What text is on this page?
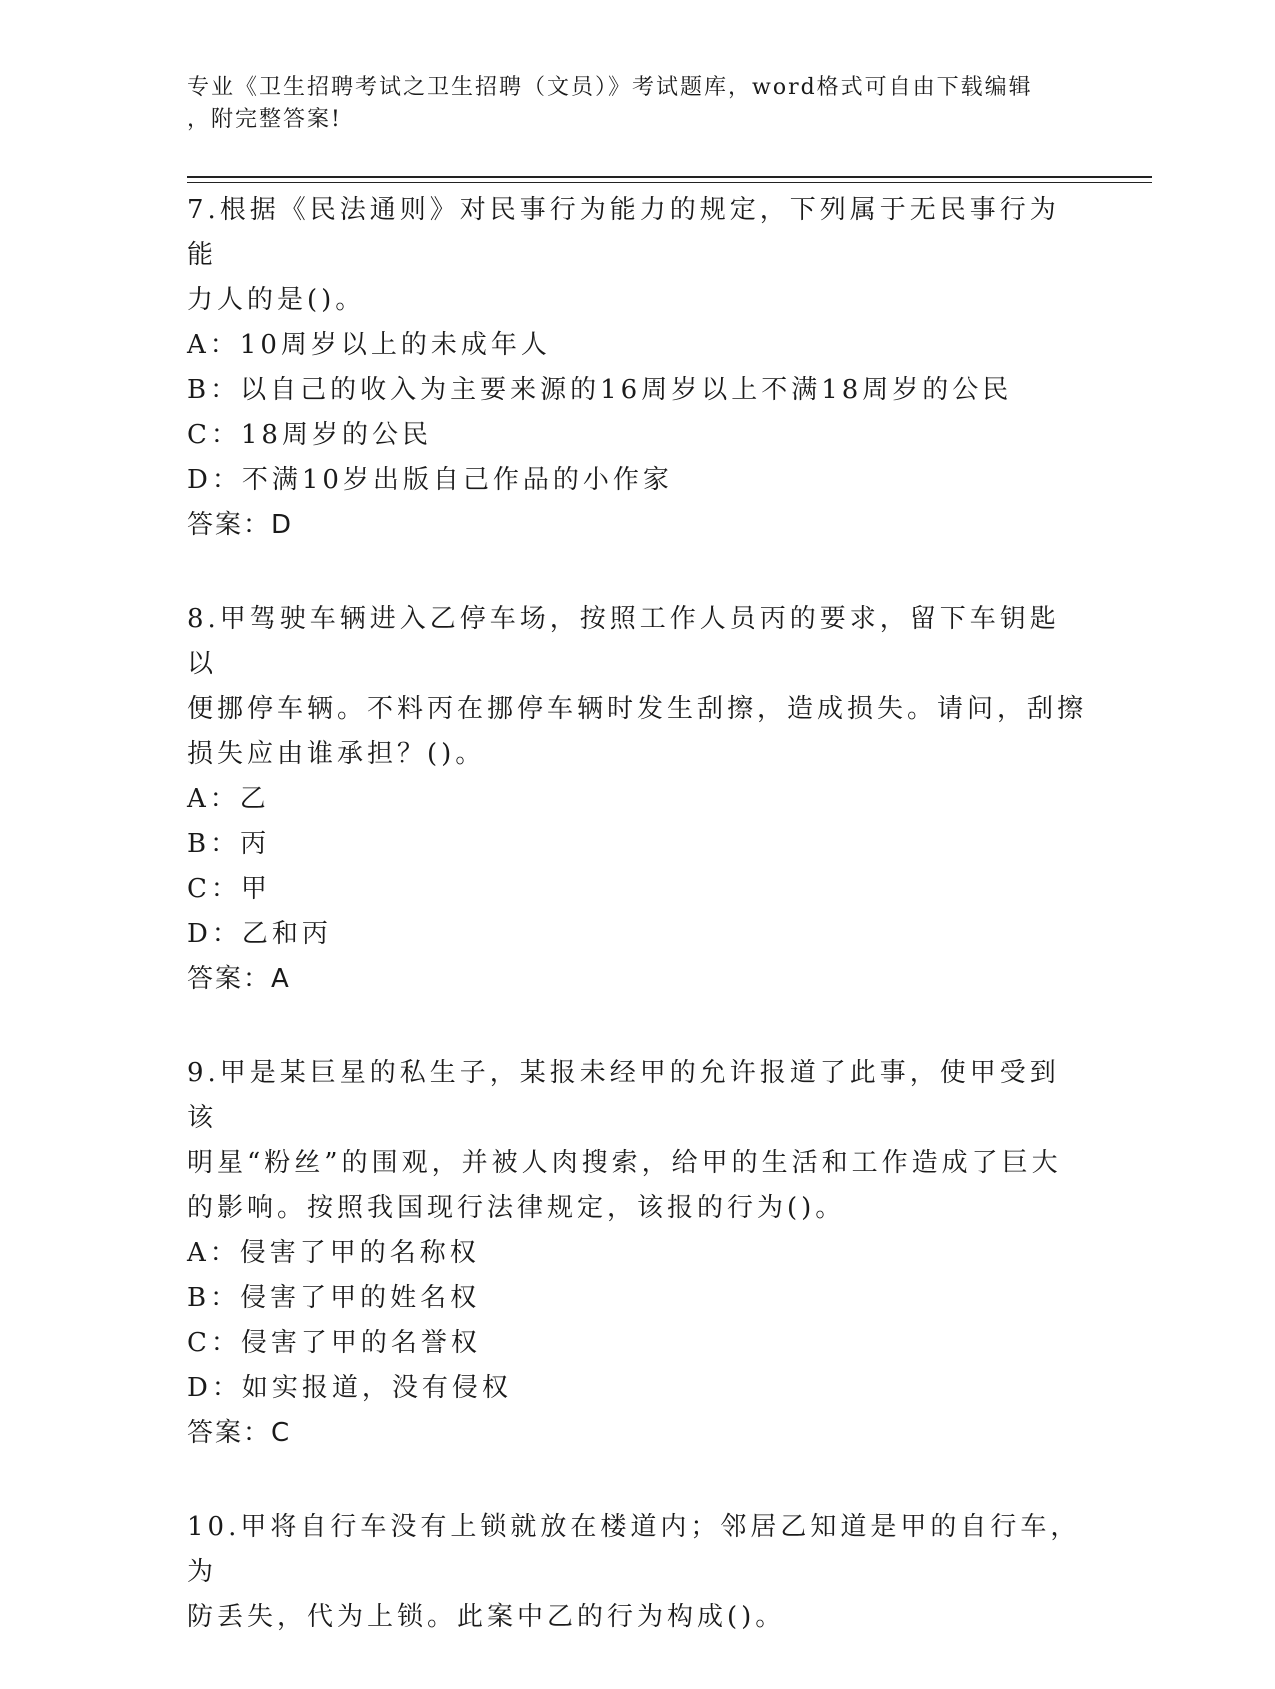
专业《卫生招聘考试之卫生招聘（文员）》考试题库，word格式可自由下载编辑
，附完整答案!
7.根据《民法通则》对民事行为能力的规定，下列属于无民事行为能
力人的是()。
A：10周岁以上的未成年人
B：以自己的收入为主要来源的16周岁以上不满18周岁的公民
C：18周岁的公民
D：不满10岁出版自己作品的小作家
答案：D
8.甲驾驶车辆进入乙停车场，按照工作人员丙的要求，留下车钥匙以
便挪停车辆。不料丙在挪停车辆时发生刮擦，造成损失。请问，刮擦
损失应由谁承担？()。
A：乙
B：丙
C：甲
D：乙和丙
答案：A
9.甲是某巨星的私生子，某报未经甲的允许报道了此事，使甲受到该
明星“粉丝”的围观，并被人肉搜索，给甲的生活和工作造成了巨大
的影响。按照我国现行法律规定，该报的行为()。
A：侵害了甲的名称权
B：侵害了甲的姓名权
C：侵害了甲的名誉权
D：如实报道，没有侵权
答案：C
10.甲将自行车没有上锁就放在楼道内；邻居乙知道是甲的自行车，为
防丢失，代为上锁。此案中乙的行为构成()。
